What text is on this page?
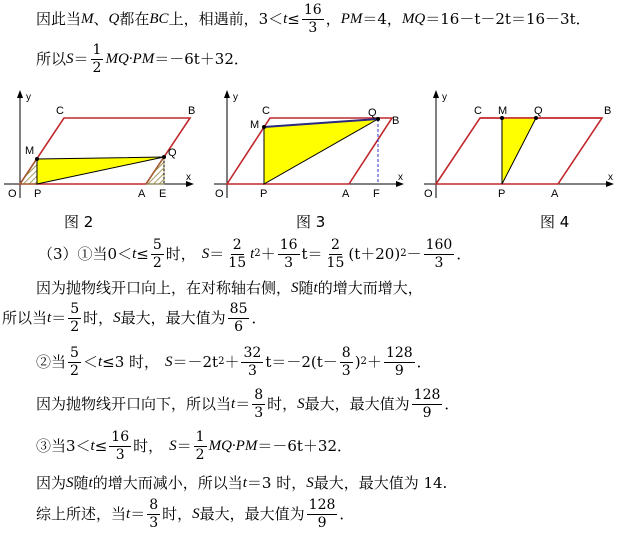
因此当 M 、 Q 都在 BC 上，相遇前， $3< t \le \frac{16}{3}$ ， PM ＝4， MQ ＝16－t－2t＝16－3t．
所以 $S = \frac{1}{2} MQ\cdot PM =-6t+32$．
y
x
O P	A E
M	Q
C	B
y
x
O	P	A F
M
Q
C
B
y
x
O	P	A
M Q
C	B
图 2	图 3	图 4
（3）①当$0< t \le \frac{5}{2}$ 时， $S = \frac{2}{15}$ t $2 + \frac{16}{3} t= \frac{2}{15} (t+20) 2 - \frac{160}{3}$ ．
因为抛物线开口向上，在对称轴右侧， S 随 t 的增大而增大，
所以当 $t = \frac{5}{2}$ 时， S 最大，最大值为 $\frac{85}{6}$ ．
②当 $\frac{5}{2} < t \le 3$ 时， S ＝－2t $2 + \frac{32}{3} t=-2(t- \frac{8}{3}$ ) $2 + \frac{128}{9}$ ．
因为抛物线开口向下，所以当 $t = \frac{8}{3}$ 时， S 最大，最大值为 $\frac{128}{9}$ ．
③当$3< t \le \frac{16}{3}$ 时， $S = \frac{1}{2} MQ\cdot PM =-6t+32$．
因为 S 随 t 的增大而减小，所以当 t ＝3 时， S 最大，最大值为 14.
综上所述，当 $t = \frac{8}{3}$ 时， S 最大，最大值为 $\frac{128}{9}$ ．
